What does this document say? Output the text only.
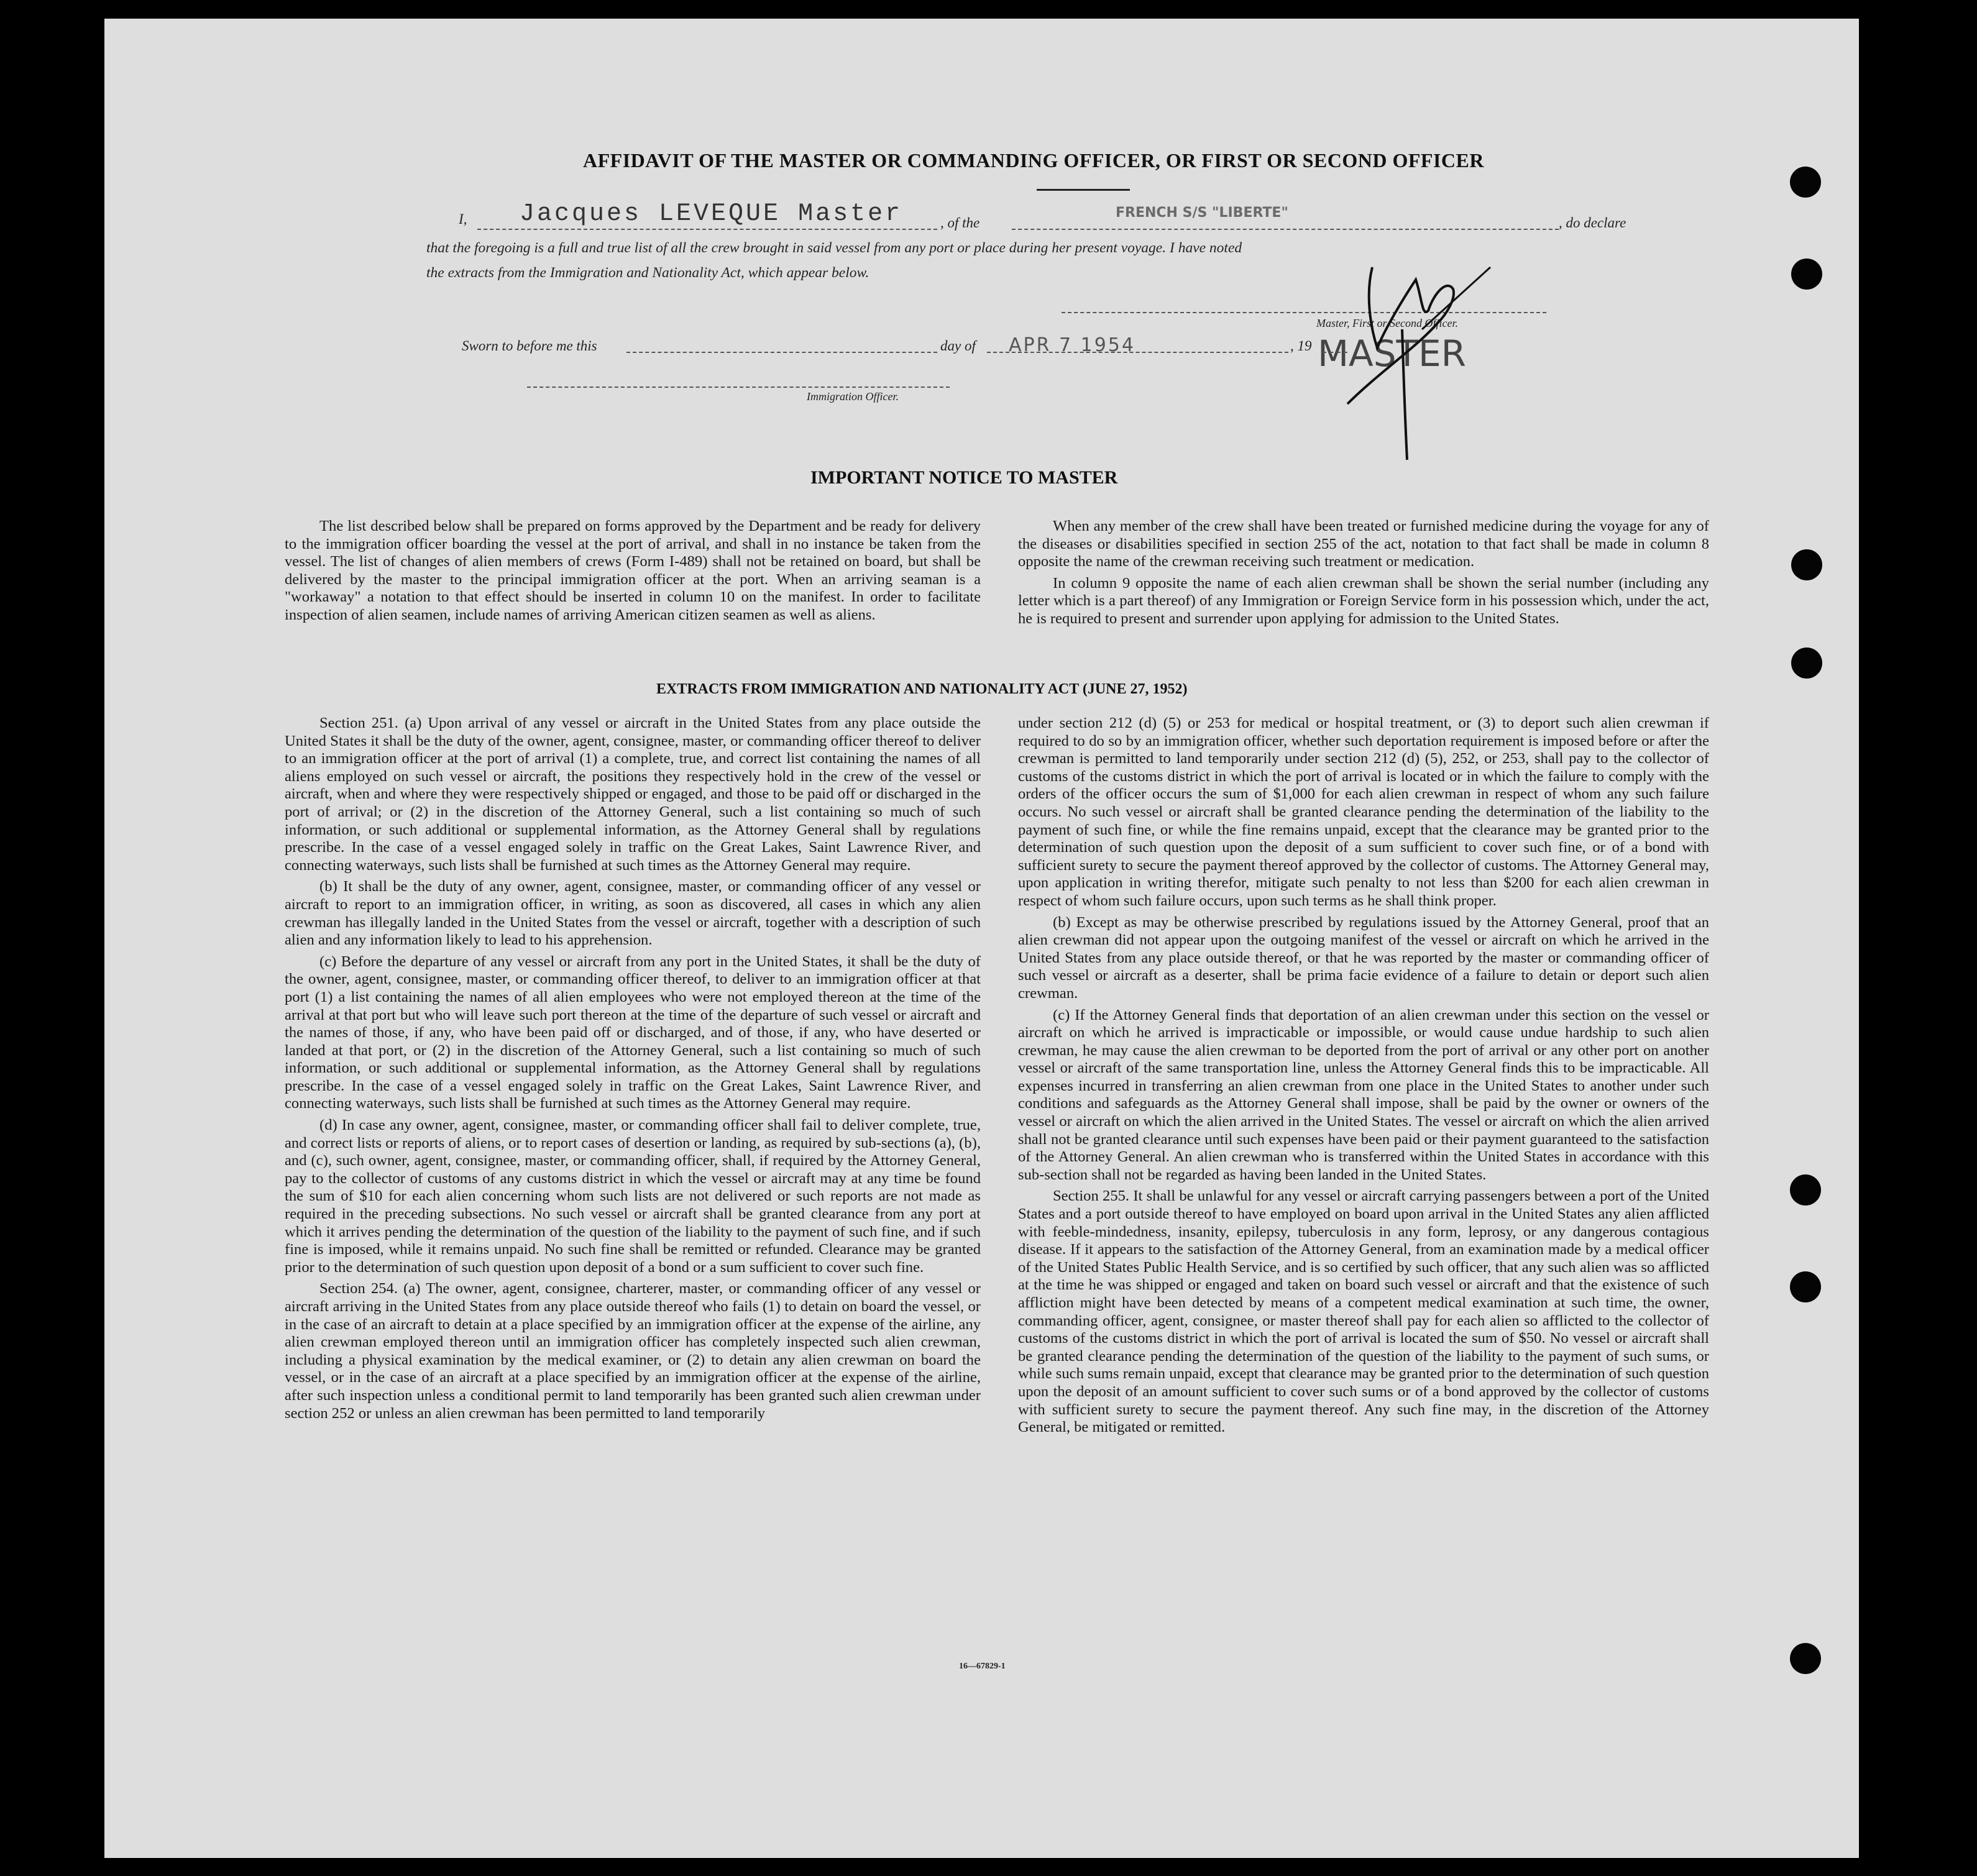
AFFIDAVIT OF THE MASTER OR COMMANDING OFFICER, OR FIRST OR SECOND OFFICER
I, Jacques LEVEQUE Master	, of the
FRENCH S/S "LIBERTE"
, do declare
that the foregoing is a full and true list of all the crew brought in said vessel from any port or place during her present voyage. I have noted
the extracts from the Immigration and Nationality Act, which appear below.
Master, First or Second Officer.
MASTER
Sworn to before me this	day of APR 7 1954	, 19
Immigration Officer.
IMPORTANT NOTICE TO MASTER

The list described below shall be prepared on forms approved by the Department and be ready for delivery to the immigration officer boarding the vessel at the port of arrival, and shall in no instance be taken from the vessel. The list of changes of alien members of crews (Form I-489) shall not be retained on board, but shall be delivered by the master to the principal immigration officer at the port. When an arriving seaman is a "workaway" a notation to that effect should be inserted in column 10 on the manifest. In order to facilitate inspection of alien seamen, include names of arriving American citizen seamen as well as aliens.

When any member of the crew shall have been treated or furnished medicine during the voyage for any of the diseases or disabilities specified in section 255 of the act, notation to that fact shall be made in column 8 opposite the name of the crewman receiving such treatment or medication.

In column 9 opposite the name of each alien crewman shall be shown the serial number (including any letter which is a part thereof) of any Immigration or Foreign Service form in his possession which, under the act, he is required to present and surrender upon applying for admission to the United States.

EXTRACTS FROM IMMIGRATION AND NATIONALITY ACT (JUNE 27, 1952)

Section 251. (a) Upon arrival of any vessel or aircraft in the United States from any place outside the United States it shall be the duty of the owner, agent, consignee, master, or commanding officer thereof to deliver to an immigration officer at the port of arrival (1) a complete, true, and correct list containing the names of all aliens employed on such vessel or aircraft, the positions they respectively hold in the crew of the vessel or aircraft, when and where they were respectively shipped or engaged, and those to be paid off or discharged in the port of arrival; or (2) in the discretion of the Attorney General, such a list containing so much of such information, or such additional or supplemental information, as the Attorney General shall by regulations prescribe. In the case of a vessel engaged solely in traffic on the Great Lakes, Saint Lawrence River, and connecting waterways, such lists shall be furnished at such times as the Attorney General may require.

(b) It shall be the duty of any owner, agent, consignee, master, or commanding officer of any vessel or aircraft to report to an immigration officer, in writing, as soon as discovered, all cases in which any alien crewman has illegally landed in the United States from the vessel or aircraft, together with a description of such alien and any information likely to lead to his apprehension.

(c) Before the departure of any vessel or aircraft from any port in the United States, it shall be the duty of the owner, agent, consignee, master, or commanding officer thereof, to deliver to an immigration officer at that port (1) a list containing the names of all alien employees who were not employed thereon at the time of the arrival at that port but who will leave such port thereon at the time of the departure of such vessel or aircraft and the names of those, if any, who have been paid off or discharged, and of those, if any, who have deserted or landed at that port, or (2) in the discretion of the Attorney General, such a list containing so much of such information, or such additional or supplemental information, as the Attorney General shall by regulations prescribe. In the case of a vessel engaged solely in traffic on the Great Lakes, Saint Lawrence River, and connecting waterways, such lists shall be furnished at such times as the Attorney General may require.

(d) In case any owner, agent, consignee, master, or commanding officer shall fail to deliver complete, true, and correct lists or reports of aliens, or to report cases of desertion or landing, as required by sub-sections (a), (b), and (c), such owner, agent, consignee, master, or commanding officer, shall, if required by the Attorney General, pay to the collector of customs of any customs district in which the vessel or aircraft may at any time be found the sum of $10 for each alien concerning whom such lists are not delivered or such reports are not made as required in the preceding subsections. No such vessel or aircraft shall be granted clearance from any port at which it arrives pending the determination of the question of the liability to the payment of such fine, and if such fine is imposed, while it remains unpaid. No such fine shall be remitted or refunded. Clearance may be granted prior to the determination of such question upon deposit of a bond or a sum sufficient to cover such fine.

Section 254. (a) The owner, agent, consignee, charterer, master, or commanding officer of any vessel or aircraft arriving in the United States from any place outside thereof who fails (1) to detain on board the vessel, or in the case of an aircraft to detain at a place specified by an immigration officer at the expense of the airline, any alien crewman employed thereon until an immigration officer has completely inspected such alien crewman, including a physical examination by the medical examiner, or (2) to detain any alien crewman on board the vessel, or in the case of an aircraft at a place specified by an immigration officer at the expense of the airline, after such inspection unless a conditional permit to land temporarily has been granted such alien crewman under section 252 or unless an alien crewman has been permitted to land temporarily

under section 212 (d) (5) or 253 for medical or hospital treatment, or (3) to deport such alien crewman if required to do so by an immigration officer, whether such deportation requirement is imposed before or after the crewman is permitted to land temporarily under section 212 (d) (5), 252, or 253, shall pay to the collector of customs of the customs district in which the port of arrival is located or in which the failure to comply with the orders of the officer occurs the sum of $1,000 for each alien crewman in respect of whom any such failure occurs. No such vessel or aircraft shall be granted clearance pending the determination of the liability to the payment of such fine, or while the fine remains unpaid, except that the clearance may be granted prior to the determination of such question upon the deposit of a sum sufficient to cover such fine, or of a bond with sufficient surety to secure the payment thereof approved by the collector of customs. The Attorney General may, upon application in writing therefor, mitigate such penalty to not less than $200 for each alien crewman in respect of whom such failure occurs, upon such terms as he shall think proper.

(b) Except as may be otherwise prescribed by regulations issued by the Attorney General, proof that an alien crewman did not appear upon the outgoing manifest of the vessel or aircraft on which he arrived in the United States from any place outside thereof, or that he was reported by the master or commanding officer of such vessel or aircraft as a deserter, shall be prima facie evidence of a failure to detain or deport such alien crewman.

(c) If the Attorney General finds that deportation of an alien crewman under this section on the vessel or aircraft on which he arrived is impracticable or impossible, or would cause undue hardship to such alien crewman, he may cause the alien crewman to be deported from the port of arrival or any other port on another vessel or aircraft of the same transportation line, unless the Attorney General finds this to be impracticable. All expenses incurred in transferring an alien crewman from one place in the United States to another under such conditions and safeguards as the Attorney General shall impose, shall be paid by the owner or owners of the vessel or aircraft on which the alien arrived in the United States. The vessel or aircraft on which the alien arrived shall not be granted clearance until such expenses have been paid or their payment guaranteed to the satisfaction of the Attorney General. An alien crewman who is transferred within the United States in accordance with this sub-section shall not be regarded as having been landed in the United States.

Section 255. It shall be unlawful for any vessel or aircraft carrying passengers between a port of the United States and a port outside thereof to have employed on board upon arrival in the United States any alien afflicted with feeble-mindedness, insanity, epilepsy, tuberculosis in any form, leprosy, or any dangerous contagious disease. If it appears to the satisfaction of the Attorney General, from an examination made by a medical officer of the United States Public Health Service, and is so certified by such officer, that any such alien was so afflicted at the time he was shipped or engaged and taken on board such vessel or aircraft and that the existence of such affliction might have been detected by means of a competent medical examination at such time, the owner, commanding officer, agent, consignee, or master thereof shall pay for each alien so afflicted to the collector of customs of the customs district in which the port of arrival is located the sum of $50. No vessel or aircraft shall be granted clearance pending the determination of the question of the liability to the payment of such sums, or while such sums remain unpaid, except that clearance may be granted prior to the determination of such question upon the deposit of an amount sufficient to cover such sums or of a bond approved by the collector of customs with sufficient surety to secure the payment thereof. Any such fine may, in the discretion of the Attorney General, be mitigated or remitted.

16—67829-1
